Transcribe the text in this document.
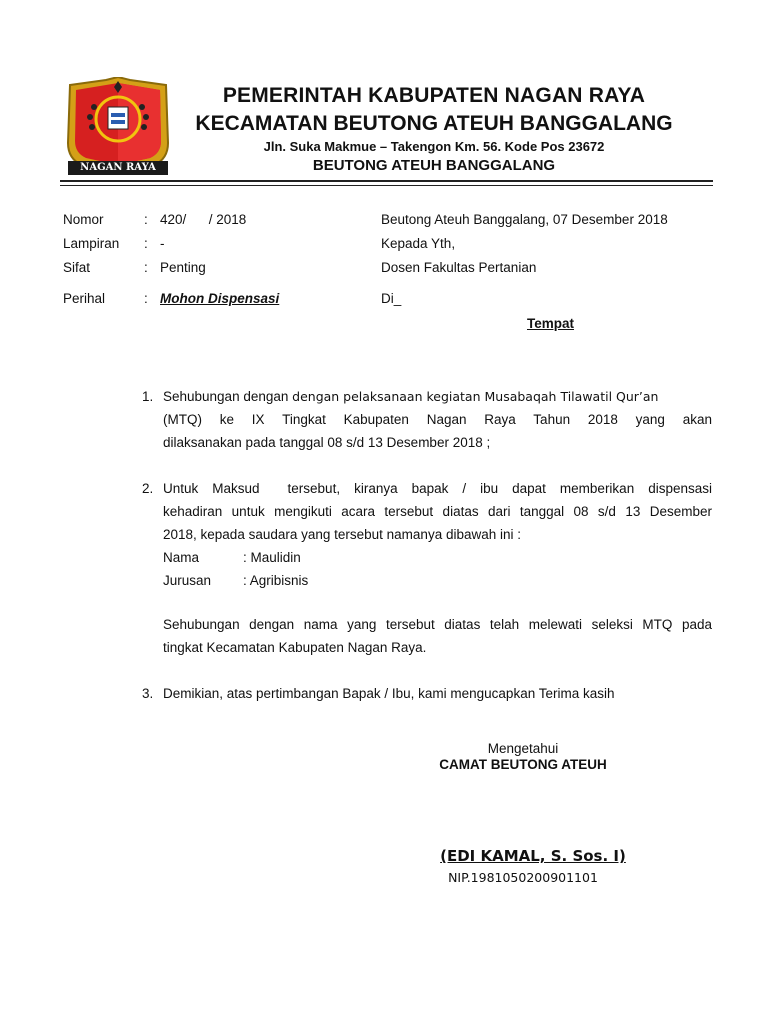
NAGAN RAYA
PEMERINTAH KABUPATEN NAGAN RAYA
KECAMATAN BEUTONG ATEUH BANGGALANG
Jln. Suka Makmue – Takengon Km. 56. Kode Pos 23672
BEUTONG ATEUH BANGGALANG
Nomor	: 420/      / 2018
Lampiran : -
Sifat	: Penting
Perihal	: Mohon Dispensasi
Beutong Ateuh Banggalang, 07 Desember 2018
Kepada Yth,
Dosen Fakultas Pertanian
Di_
Tempat
1. Sehubungan dengan dengan pelaksanaan kegiatan Musabaqah Tilawatil Qur’an
(MTQ) ke IX Tingkat Kabupaten Nagan Raya Tahun 2018 yang akan
dilaksanakan pada tanggal 08 s/d 13 Desember 2018 ;
2. Untuk Maksud  tersebut, kiranya bapak / ibu dapat memberikan dispensasi
kehadiran untuk mengikuti acara tersebut diatas dari tanggal 08 s/d 13 Desember
2018, kepada saudara yang tersebut namanya dibawah ini :
Nama	: Maulidin
Jurusan : Agribisnis
Sehubungan dengan nama yang tersebut diatas telah melewati seleksi MTQ pada
tingkat Kecamatan Kabupaten Nagan Raya.
3. Demikian, atas pertimbangan Bapak / Ibu, kami mengucapkan Terima kasih
Mengetahui
CAMAT BEUTONG ATEUH
(EDI KAMAL, S. Sos. I)
NIP.1981050200901101
